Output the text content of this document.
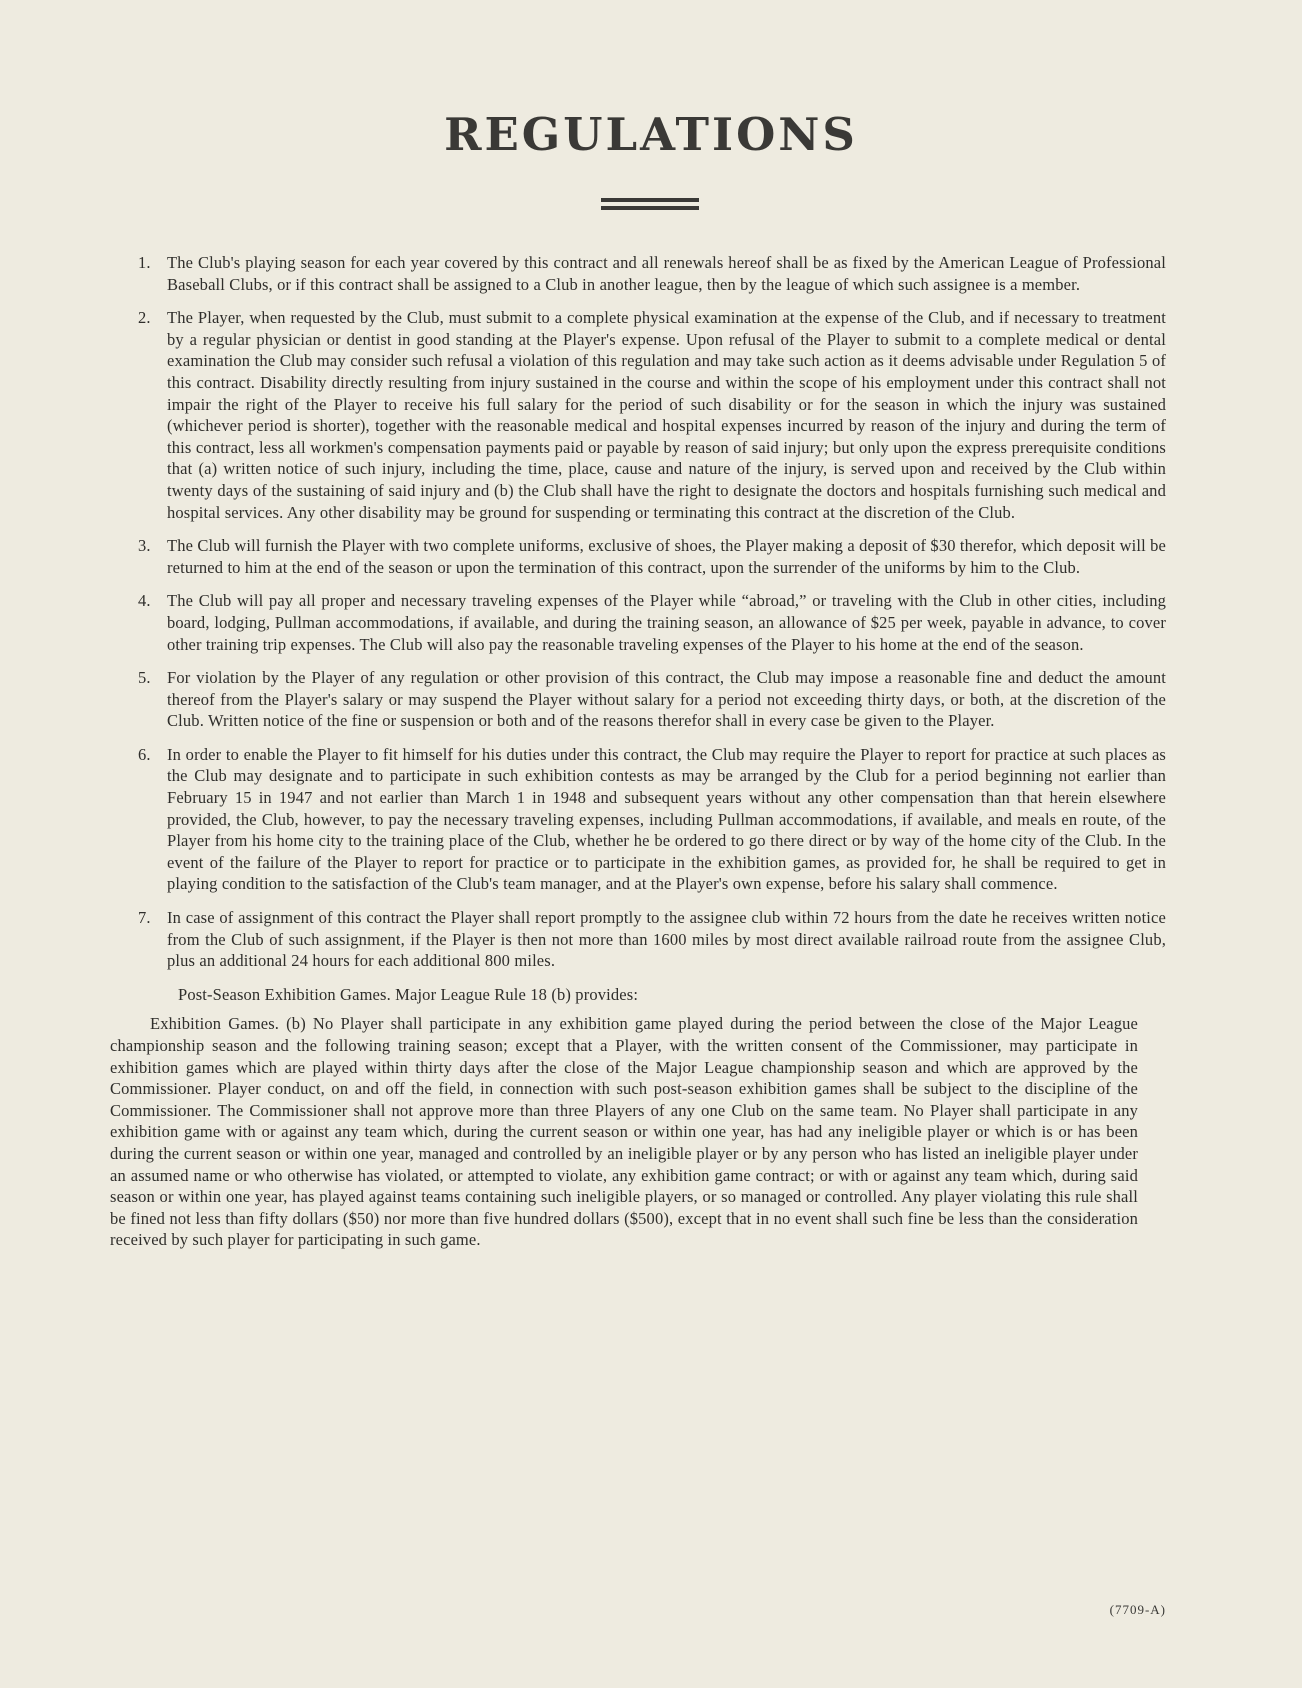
REGULATIONS
1. The Club's playing season for each year covered by this contract and all renewals hereof shall be as fixed by the American League of Professional Baseball Clubs, or if this contract shall be assigned to a Club in another league, then by the league of which such assignee is a member.
2. The Player, when requested by the Club, must submit to a complete physical examination at the expense of the Club, and if necessary to treatment by a regular physician or dentist in good standing at the Player's expense. Upon refusal of the Player to submit to a complete medical or dental examination the Club may consider such refusal a violation of this regulation and may take such action as it deems advisable under Regulation 5 of this contract. Disability directly resulting from injury sustained in the course and within the scope of his employment under this contract shall not impair the right of the Player to receive his full salary for the period of such disability or for the season in which the injury was sustained (whichever period is shorter), together with the reasonable medical and hospital expenses incurred by reason of the injury and during the term of this contract, less all workmen's compensation payments paid or payable by reason of said injury; but only upon the express prerequisite conditions that (a) written notice of such injury, including the time, place, cause and nature of the injury, is served upon and received by the Club within twenty days of the sustaining of said injury and (b) the Club shall have the right to designate the doctors and hospitals furnishing such medical and hospital services. Any other disability may be ground for suspending or terminating this contract at the discretion of the Club.
3. The Club will furnish the Player with two complete uniforms, exclusive of shoes, the Player making a deposit of $30 therefor, which deposit will be returned to him at the end of the season or upon the termination of this contract, upon the surrender of the uniforms by him to the Club.
4. The Club will pay all proper and necessary traveling expenses of the Player while “abroad,” or traveling with the Club in other cities, including board, lodging, Pullman accommodations, if available, and during the training season, an allowance of $25 per week, payable in advance, to cover other training trip expenses. The Club will also pay the reasonable traveling expenses of the Player to his home at the end of the season.
5. For violation by the Player of any regulation or other provision of this contract, the Club may impose a reasonable fine and deduct the amount thereof from the Player's salary or may suspend the Player without salary for a period not exceeding thirty days, or both, at the discretion of the Club. Written notice of the fine or suspension or both and of the reasons therefor shall in every case be given to the Player.
6. In order to enable the Player to fit himself for his duties under this contract, the Club may require the Player to report for practice at such places as the Club may designate and to participate in such exhibition contests as may be arranged by the Club for a period beginning not earlier than February 15 in 1947 and not earlier than March 1 in 1948 and subsequent years without any other compensation than that herein elsewhere provided, the Club, however, to pay the necessary traveling expenses, including Pullman accommodations, if available, and meals en route, of the Player from his home city to the training place of the Club, whether he be ordered to go there direct or by way of the home city of the Club. In the event of the failure of the Player to report for practice or to participate in the exhibition games, as provided for, he shall be required to get in playing condition to the satisfaction of the Club's team manager, and at the Player's own expense, before his salary shall commence.
7. In case of assignment of this contract the Player shall report promptly to the assignee club within 72 hours from the date he receives written notice from the Club of such assignment, if the Player is then not more than 1600 miles by most direct available railroad route from the assignee Club, plus an additional 24 hours for each additional 800 miles.

Post-Season Exhibition Games. Major League Rule 18 (b) provides:

Exhibition Games. (b) No Player shall participate in any exhibition game played during the period between the close of the Major League championship season and the following training season; except that a Player, with the written consent of the Commissioner, may participate in exhibition games which are played within thirty days after the close of the Major League championship season and which are approved by the Commissioner. Player conduct, on and off the field, in connection with such post-season exhibition games shall be subject to the discipline of the Commissioner. The Commissioner shall not approve more than three Players of any one Club on the same team. No Player shall participate in any exhibition game with or against any team which, during the current season or within one year, has had any ineligible player or which is or has been during the current season or within one year, managed and controlled by an ineligible player or by any person who has listed an ineligible player under an assumed name or who otherwise has violated, or attempted to violate, any exhibition game contract; or with or against any team which, during said season or within one year, has played against teams containing such ineligible players, or so managed or controlled. Any player violating this rule shall be fined not less than fifty dollars ($50) nor more than five hundred dollars ($500), except that in no event shall such fine be less than the consideration received by such player for participating in such game.

(7709-A)
